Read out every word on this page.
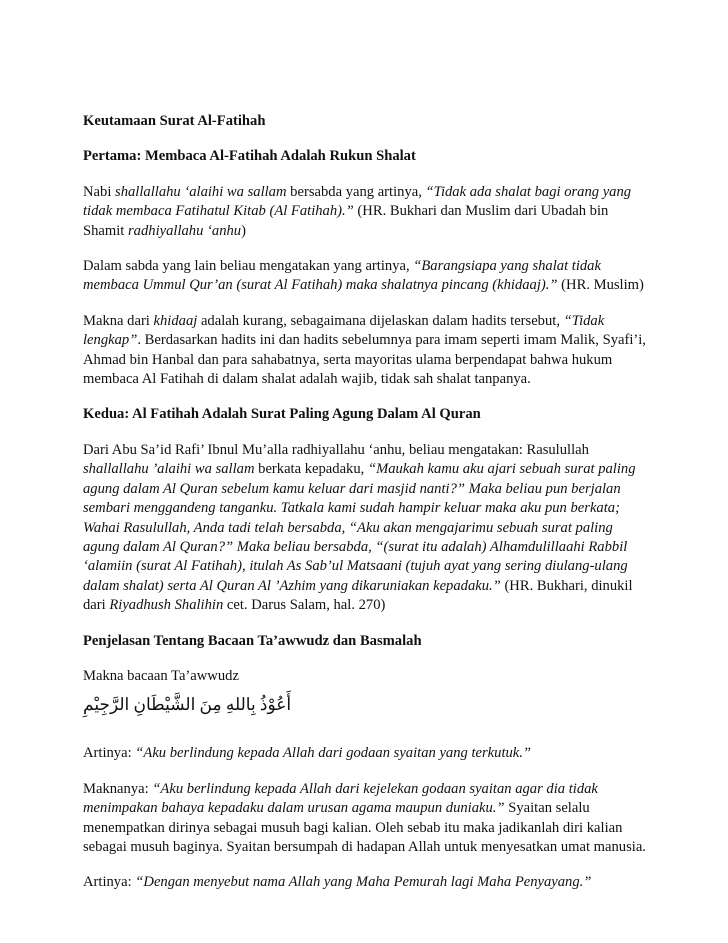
Keutamaan Surat Al-Fatihah

Pertama: Membaca Al-Fatihah Adalah Rukun Shalat

Nabi shallallahu ‘alaihi wa sallam bersabda yang artinya, “Tidak ada shalat bagi orang yang tidak membaca Fatihatul Kitab (Al Fatihah).” (HR. Bukhari dan Muslim dari Ubadah bin Shamit radhiyallahu ‘anhu)

Dalam sabda yang lain beliau mengatakan yang artinya, “Barangsiapa yang shalat tidak membaca Ummul Qur’an (surat Al Fatihah) maka shalatnya pincang (khidaaj).” (HR. Muslim)

Makna dari khidaaj adalah kurang, sebagaimana dijelaskan dalam hadits tersebut, “Tidak lengkap”. Berdasarkan hadits ini dan hadits sebelumnya para imam seperti imam Malik, Syafi’i, Ahmad bin Hanbal dan para sahabatnya, serta mayoritas ulama berpendapat bahwa hukum membaca Al Fatihah di dalam shalat adalah wajib, tidak sah shalat tanpanya.

Kedua: Al Fatihah Adalah Surat Paling Agung Dalam Al Quran

Dari Abu Sa’id Rafi’ Ibnul Mu’alla radhiyallahu ‘anhu, beliau mengatakan: Rasulullah shallallahu ’alaihi wa sallam berkata kepadaku, “Maukah kamu aku ajari sebuah surat paling agung dalam Al Quran sebelum kamu keluar dari masjid nanti?” Maka beliau pun berjalan sembari menggandeng tanganku. Tatkala kami sudah hampir keluar maka aku pun berkata; Wahai Rasulullah, Anda tadi telah bersabda, “Aku akan mengajarimu sebuah surat paling agung dalam Al Quran?” Maka beliau bersabda, “(surat itu adalah) Alhamdulillaahi Rabbil ‘alamiin (surat Al Fatihah), itulah As Sab’ul Matsaani (tujuh ayat yang sering diulang-ulang dalam shalat) serta Al Quran Al ’Azhim yang dikaruniakan kepadaku.” (HR. Bukhari, dinukil dari Riyadhush Shalihin cet. Darus Salam, hal. 270)

Penjelasan Tentang Bacaan Ta’awwudz dan Basmalah

Makna bacaan Ta’awwudz

أَعُوْذُ بِاللهِ مِنَ الشَّيْطَانِ الرَّجِيْمِ

Artinya: “Aku berlindung kepada Allah dari godaan syaitan yang terkutuk.”

Maknanya: “Aku berlindung kepada Allah dari kejelekan godaan syaitan agar dia tidak menimpakan bahaya kepadaku dalam urusan agama maupun duniaku.” Syaitan selalu menempatkan dirinya sebagai musuh bagi kalian. Oleh sebab itu maka jadikanlah diri kalian sebagai musuh baginya. Syaitan bersumpah di hadapan Allah untuk menyesatkan umat manusia.

Artinya: “Dengan menyebut nama Allah yang Maha Pemurah lagi Maha Penyayang.”
